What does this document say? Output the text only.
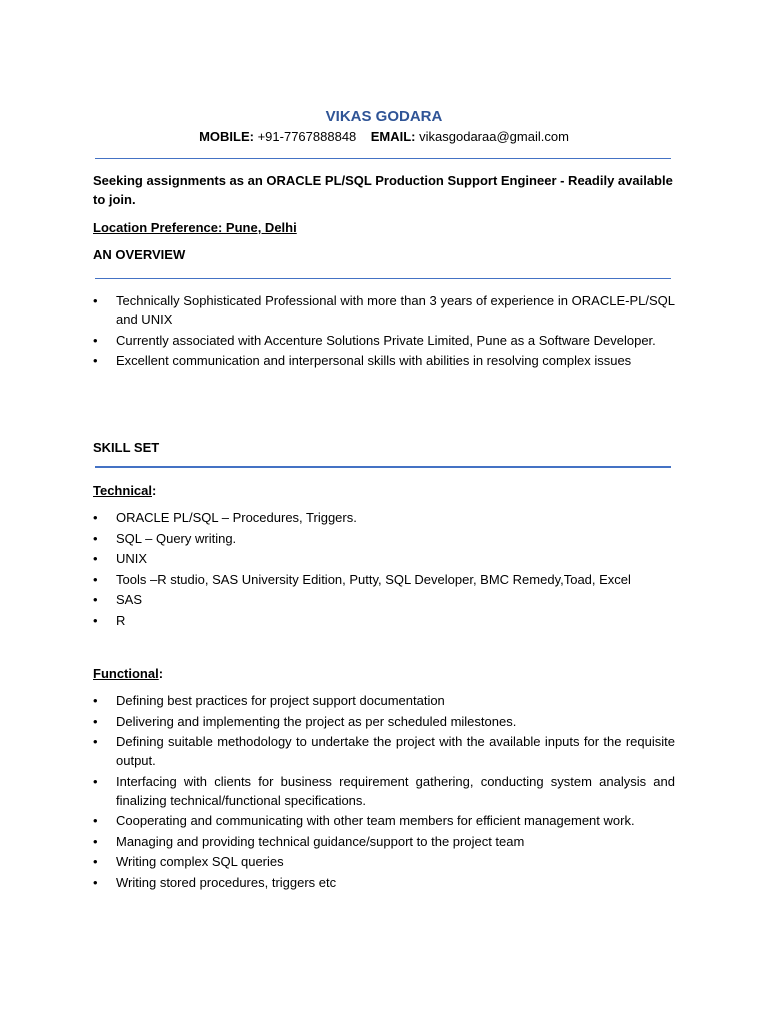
VIKAS GODARA
MOBILE: +91-7767888848 EMAIL: vikasgodaraa@gmail.com
Seeking assignments as an ORACLE PL/SQL Production Support Engineer - Readily available to join.
Location Preference: Pune, Delhi
AN OVERVIEW
•	Technically Sophisticated Professional with more than 3 years of experience in ORACLE-PL/SQL and UNIX
•	Currently associated with Accenture Solutions Private Limited, Pune as a Software Developer.
•	Excellent communication and interpersonal skills with abilities in resolving complex issues
SKILL SET
Technical:
•	ORACLE PL/SQL – Procedures, Triggers.
•	SQL – Query writing.
•	UNIX
•	Tools –R studio, SAS University Edition, Putty, SQL Developer, BMC Remedy,Toad, Excel
•	SAS
•	R
Functional:
•	Defining best practices for project support documentation
•	Delivering and implementing the project as per scheduled milestones.
•	Defining suitable methodology to undertake the project with the available inputs for the requisite output.
•	Interfacing with clients for business requirement gathering, conducting system analysis and finalizing technical/functional specifications.
•	Cooperating and communicating with other team members for efficient management work.
•	Managing and providing technical guidance/support to the project team
•	Writing complex SQL queries
•	Writing stored procedures, triggers etc
